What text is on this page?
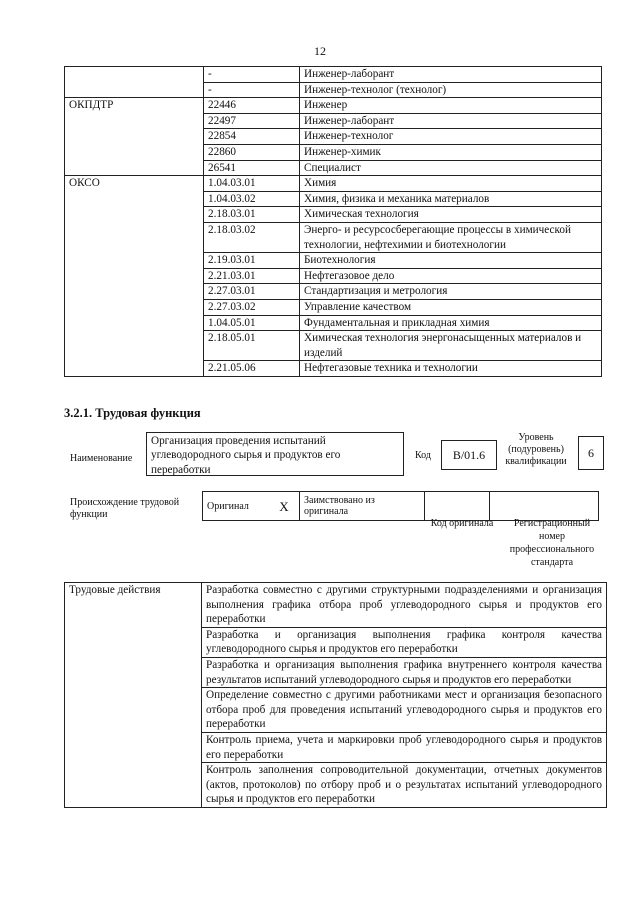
12
	-	Инженер-лаборант
	-	Инженер-технолог (технолог)
ОКПДТР	22446	Инженер
	22497	Инженер-лаборант
	22854	Инженер-технолог
	22860	Инженер-химик
	26541	Специалист
ОКСО	1.04.03.01	Химия
	1.04.03.02	Химия, физика и механика материалов
	2.18.03.01	Химическая технология
	2.18.03.02	Энерго- и ресурсосберегающие процессы в химической технологии, нефтехимии и биотехнологии
	2.19.03.01	Биотехнология
	2.21.03.01	Нефтегазовое дело
	2.27.03.01	Стандартизация и метрология
	2.27.03.02	Управление качеством
	1.04.05.01	Фундаментальная и прикладная химия
	2.18.05.01	Химическая технология энергонасыщенных материалов и изделий
	2.21.05.06	Нефтегазовые техника и технологии
3.2.1. Трудовая функция
Наименование
Организация проведения испытаний углеводородного сырья и продуктов его переработки
Код	B/01.6
Уровень (подуровень) квалификации
6
Происхождение трудовой функции
Оригинал	X	Заимствовано из оригинала		
Код оригинала	Регистрационный номер профессионального стандарта
Трудовые действия	Разработка совместно с другими структурными подразделениями и организация выполнения графика отбора проб углеводородного сырья и продуктов его переработки
Разработка и организация выполнения графика контроля качества углеводородного сырья и продуктов его переработки
Разработка и организация выполнения графика внутреннего контроля качества результатов испытаний углеводородного сырья и продуктов его переработки
Определение совместно с другими работниками мест и организация безопасного отбора проб для проведения испытаний углеводородного сырья и продуктов его переработки
Контроль приема, учета и маркировки проб углеводородного сырья и продуктов его переработки
Контроль заполнения сопроводительной документации, отчетных документов (актов, протоколов) по отбору проб и о результатах испытаний углеводородного сырья и продуктов его переработки
